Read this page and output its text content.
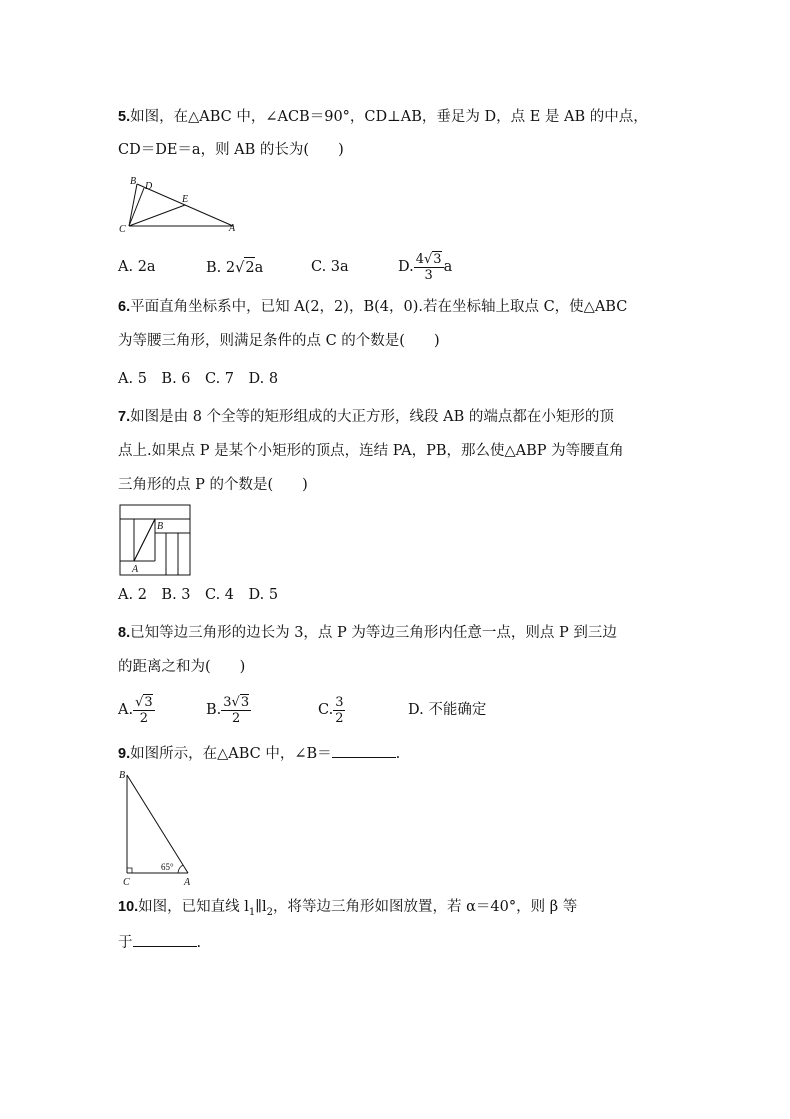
5.如图，在△ABC 中，∠ACB＝90°，CD⊥AB，垂足为 D，点 E 是 AB 的中点，
CD＝DE＝a，则 AB 的长为(　　)
B D
E
C	A
A. 2a	B. 2√2a	C. 3a	D. $\frac{4√3}{3}$ a
6.平面直角坐标系中，已知 A(2，2)，B(4，0).若在坐标轴上取点 C，使△ABC
为等腰三角形，则满足条件的点 C 的个数是(　　)
A. 5　B. 6　C. 7　D. 8
7.如图是由 8 个全等的矩形组成的大正方形，线段 AB 的端点都在小矩形的顶
点上.如果点 P 是某个小矩形的顶点，连结 PA，PB，那么使△ABP 为等腰直角
三角形的点 P 的个数是(　　)
A
B
A. 2　B. 3　C. 4　D. 5
8.已知等边三角形的边长为 3，点 P 为等边三角形内任意一点，则点 P 到三边
的距离之和为(　　)
A. $\frac{√3}{2}$	B. $\frac{3√3}{2}$	C. $\frac{3}{2}$	D. 不能确定
9.如图所示，在△ABC 中，∠B＝	.
B
C	A
65°
10.如图，已知直线 $l_1\parallel l_2$，将等边三角形如图放置，若 α＝40°，则 β 等
于	.
